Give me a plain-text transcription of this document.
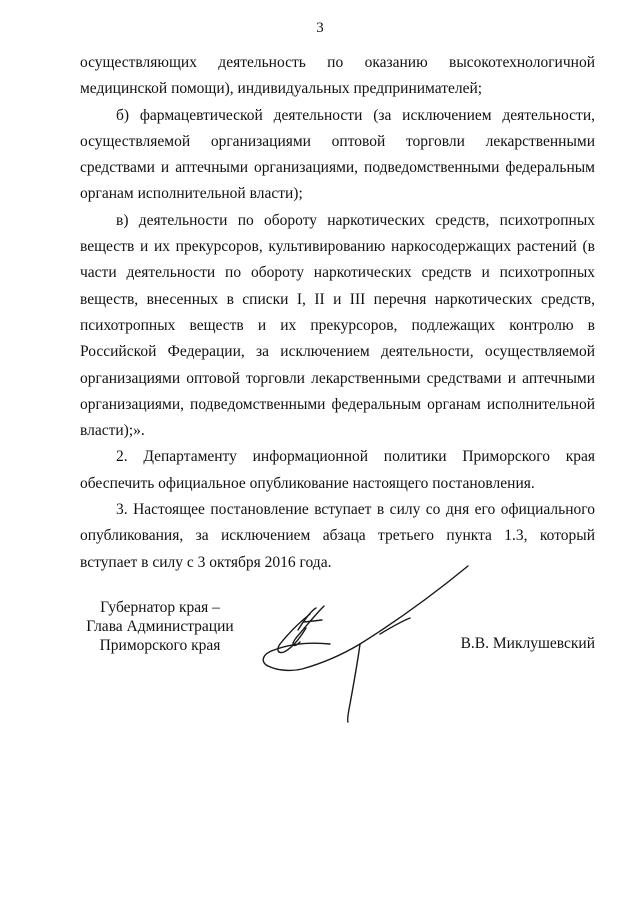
3

осуществляющих деятельность по оказанию высокотехнологичной медицинской помощи), индивидуальных предпринимателей;

б) фармацевтической деятельности (за исключением деятельности, осуществляемой организациями оптовой торговли лекарственными средствами и аптечными организациями, подведомственными федеральным органам исполнительной власти);

в) деятельности по обороту наркотических средств, психотропных веществ и их прекурсоров, культивированию наркосодержащих растений (в части деятельности по обороту наркотических средств и психотропных веществ, внесенных в списки I, II и III перечня наркотических средств, психотропных веществ и их прекурсоров, подлежащих контролю в Российской Федерации, за исключением деятельности, осуществляемой организациями оптовой торговли лекарственными средствами и аптечными организациями, подведомственными федеральным органам исполнительной власти);».

2. Департаменту информационной политики Приморского края обеспечить официальное опубликование настоящего постановления.

3. Настоящее постановление вступает в силу со дня его официального опубликования, за исключением абзаца третьего пункта 1.3, который вступает в силу с 3 октября 2016 года.

Губернатор края –
Глава Администрации
Приморского края	В.В. Миклушевский
